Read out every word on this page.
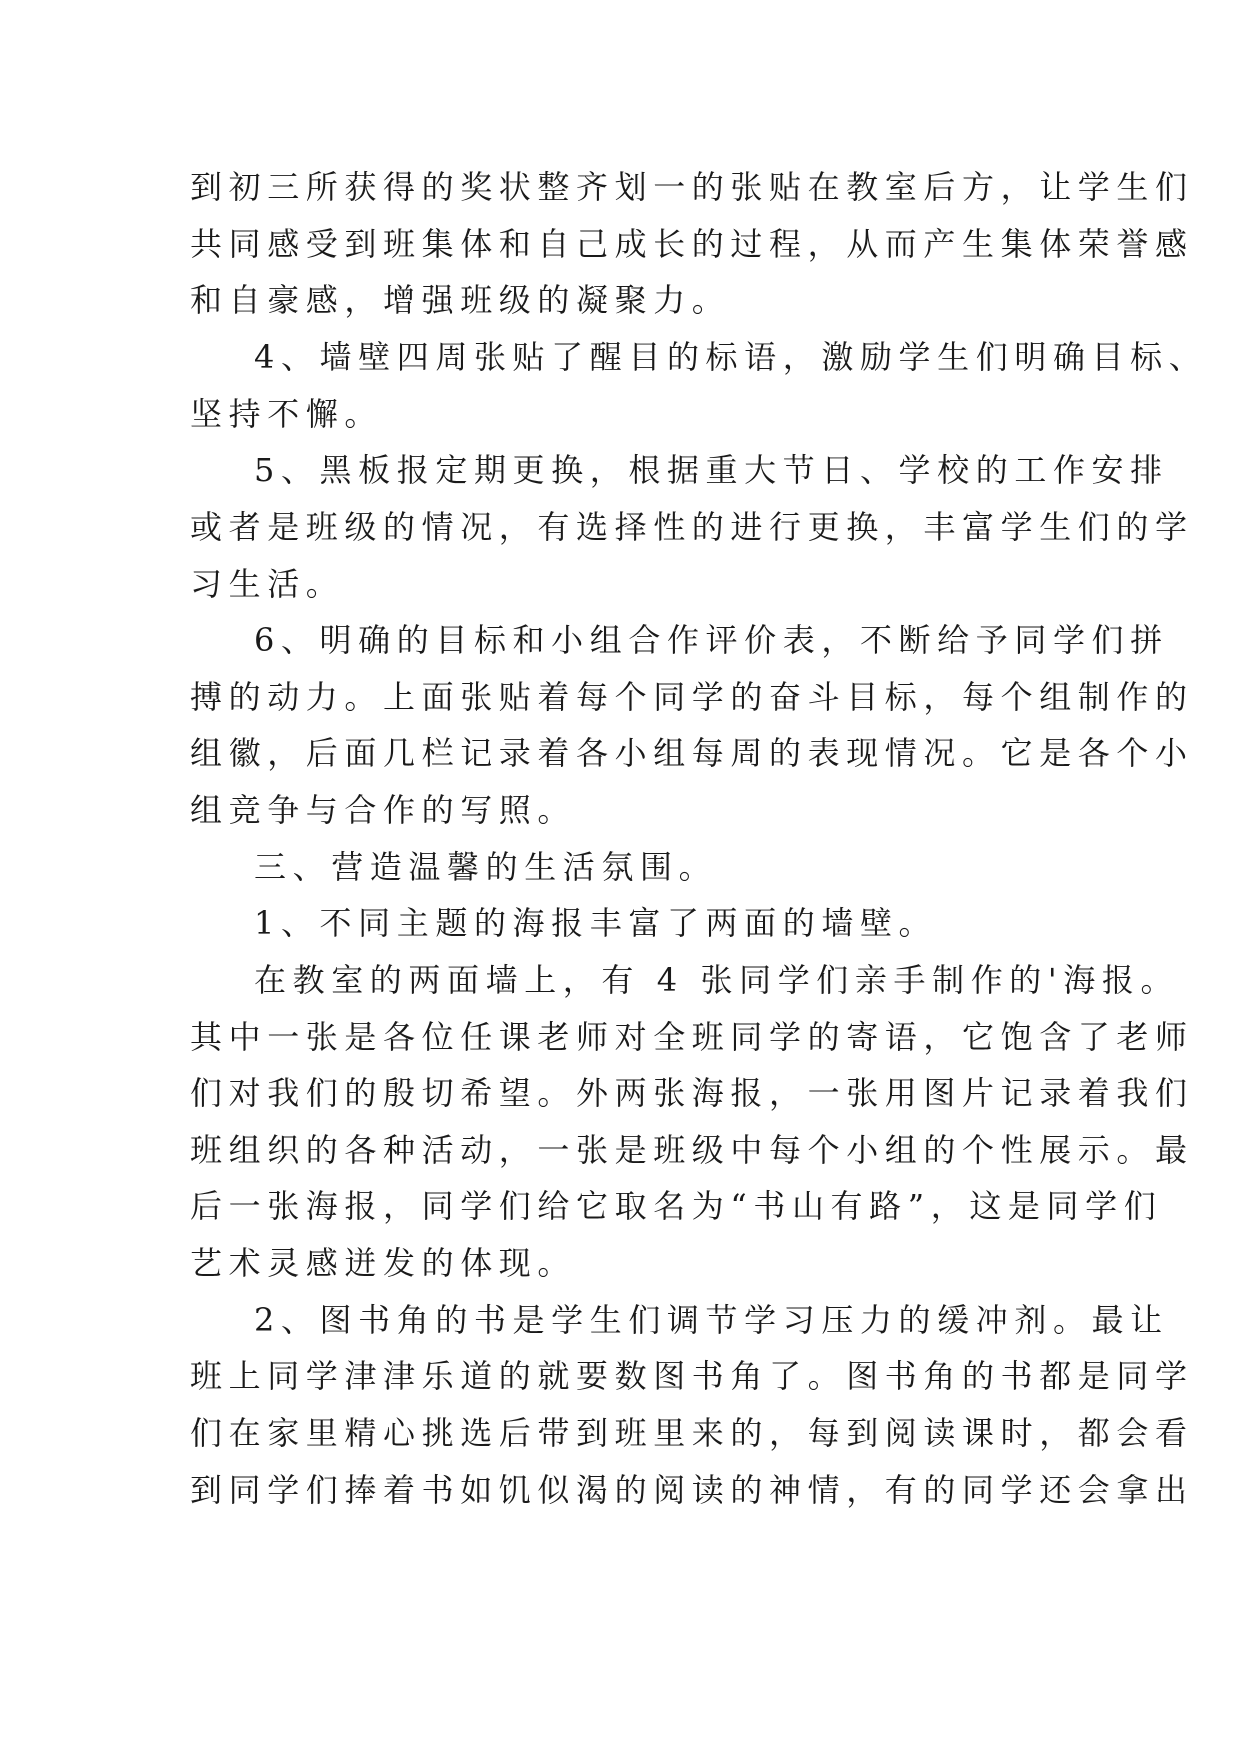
到初三所获得的奖状整齐划一的张贴在教室后方，让学生们
共同感受到班集体和自己成长的过程，从而产生集体荣誉感
和自豪感，增强班级的凝聚力。
4、墙壁四周张贴了醒目的标语，激励学生们明确目标、
坚持不懈。
5、黑板报定期更换，根据重大节日、学校的工作安排
或者是班级的情况，有选择性的进行更换，丰富学生们的学
习生活。
6、明确的目标和小组合作评价表，不断给予同学们拼
搏的动力。上面张贴着每个同学的奋斗目标，每个组制作的
组徽，后面几栏记录着各小组每周的表现情况。它是各个小
组竞争与合作的写照。
三、营造温馨的生活氛围。
1、不同主题的海报丰富了两面的墙壁。
在教室的两面墙上，有 4 张同学们亲手制作的'海报。
其中一张是各位任课老师对全班同学的寄语，它饱含了老师
们对我们的殷切希望。外两张海报，一张用图片记录着我们
班组织的各种活动，一张是班级中每个小组的个性展示。最
后一张海报，同学们给它取名为“书山有路”，这是同学们
艺术灵感迸发的体现。
2、图书角的书是学生们调节学习压力的缓冲剂。最让
班上同学津津乐道的就要数图书角了。图书角的书都是同学
们在家里精心挑选后带到班里来的，每到阅读课时，都会看
到同学们捧着书如饥似渴的阅读的神情，有的同学还会拿出
